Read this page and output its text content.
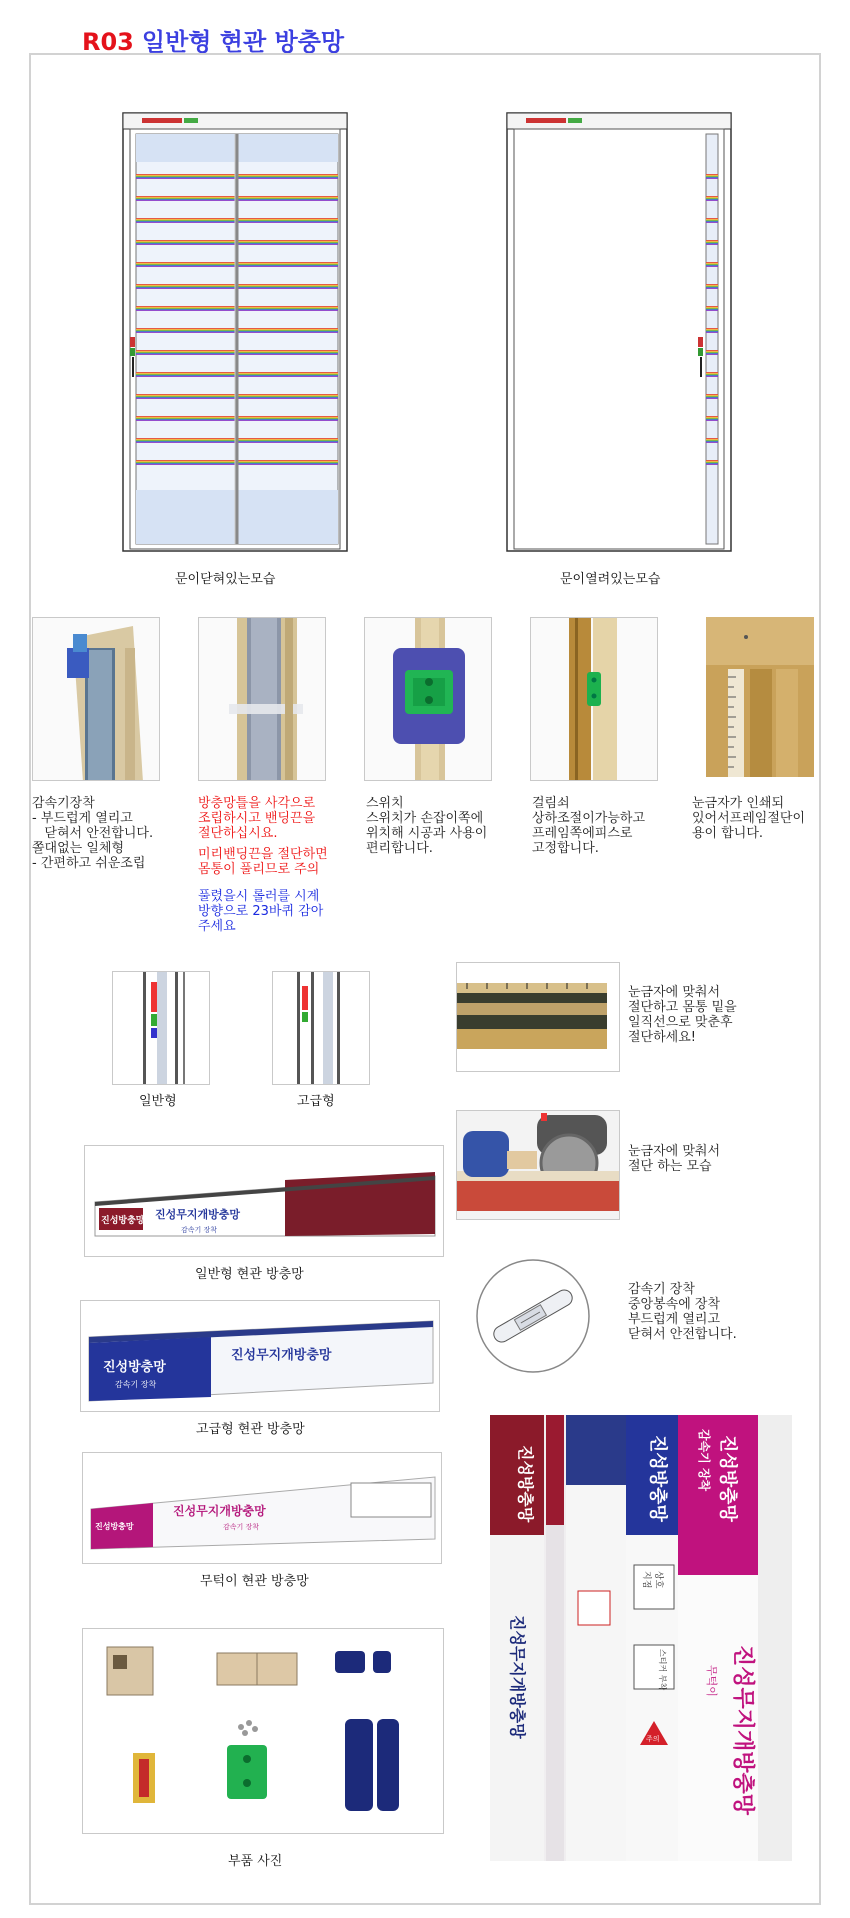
R03 일반형 현관 방충망
문이닫혀있는모습	문이열려있는모습
감속기장착
- 부드럽게 열리고
닫혀서 안전합니다.
쫄대없는 일체형
- 간편하고 쉬운조립
방충망틀을 사각으로
조립하시고 밴딩끈을
절단하십시요.
미리밴딩끈을 절단하면
몸통이 풀리므로 주의
풀렸을시 롤러를 시계
방향으로 23바퀴 감아
주세요
스위치
스위치가 손잡이쪽에
위치해 시공과 사용이
편리합니다.
걸림쇠
상하조절이가능하고
프레임쪽에피스로
고정합니다.
눈금자가 인쇄되
있어서프레임절단이
용이 합니다.
일반형	고급형
눈금자에 맞춰서
절단하고 몸통 밑을
일직선으로 맞춘후
절단하세요!
눈금자에 맞춰서
절단 하는 모습
진성방충망 진성무지개방충망
감속기 장착
일반형 현관 방충망
진성방충망
감속기 장착
진성무지개방충망
고급형 현관 방충망
진성방충망
진성무지개방충망
감속기 장착
무턱이 현관 방충망
감속기 장착
중앙봉속에 장착
부드럽게 열리고
닫혀서 안전합니다.
부품 사진
진성방충망	감속기 장착
진성방충망	진성방충망
진성무지개방충망	진성무지개방충망
무턱이
상호
지점
스티커 부착
주의
